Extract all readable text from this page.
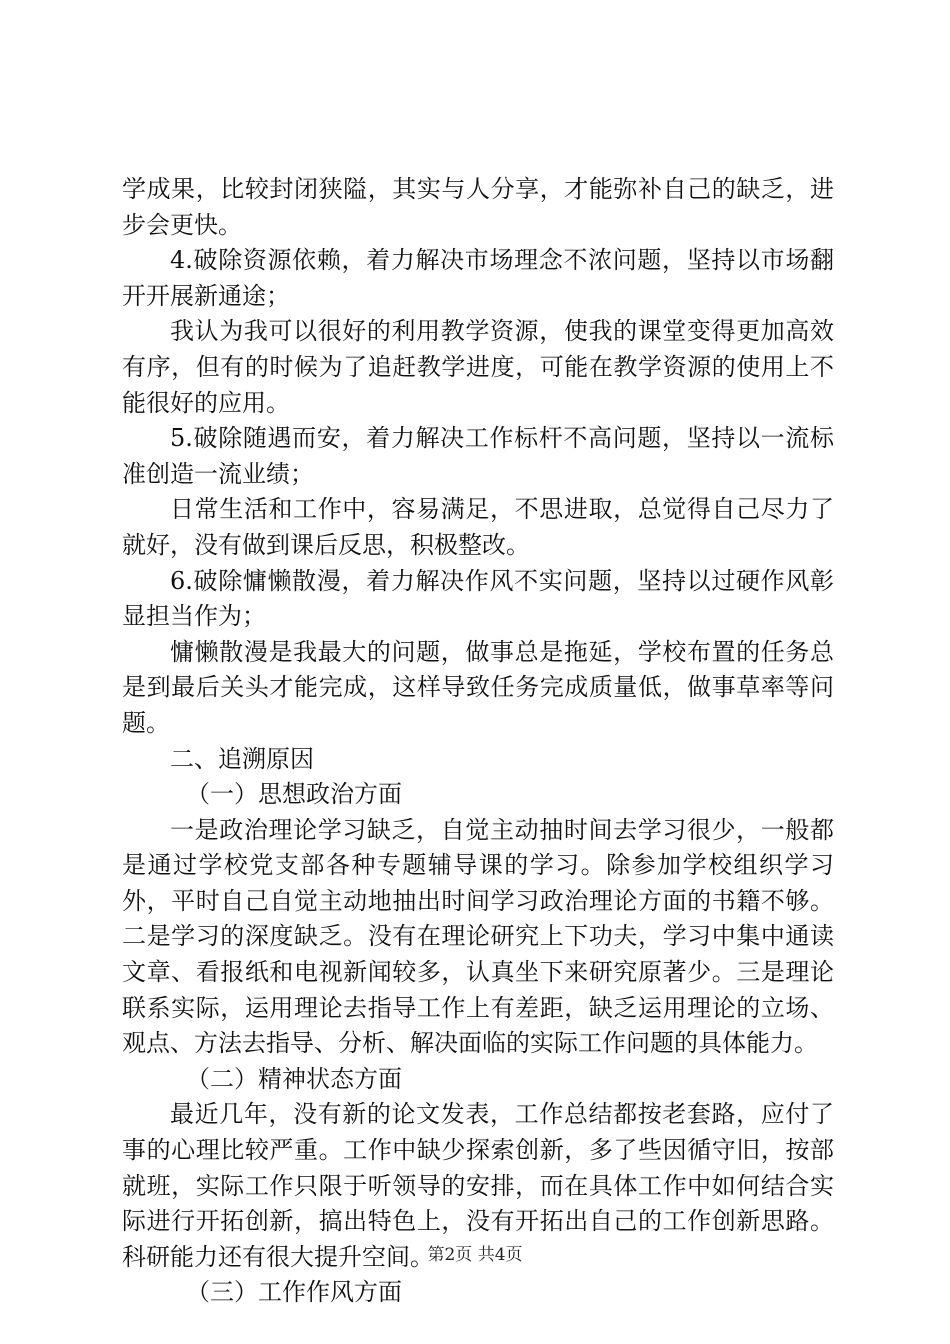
学成果，比较封闭狭隘，其实与人分享，才能弥补自己的缺乏，进步会更快。

4.破除资源依赖，着力解决市场理念不浓问题，坚持以市场翻开开展新通途；

我认为我可以很好的利用教学资源，使我的课堂变得更加高效有序，但有的时候为了追赶教学进度，可能在教学资源的使用上不能很好的应用。

5.破除随遇而安，着力解决工作标杆不高问题，坚持以一流标准创造一流业绩；

日常生活和工作中，容易满足，不思进取，总觉得自己尽力了就好，没有做到课后反思，积极整改。

6.破除慵懒散漫，着力解决作风不实问题，坚持以过硬作风彰显担当作为；

慵懒散漫是我最大的问题，做事总是拖延，学校布置的任务总是到最后关头才能完成，这样导致任务完成质量低，做事草率等问题。

二、追溯原因

（一）思想政治方面

一是政治理论学习缺乏，自觉主动抽时间去学习很少，一般都是通过学校党支部各种专题辅导课的学习。除参加学校组织学习外，平时自己自觉主动地抽出时间学习政治理论方面的书籍不够。二是学习的深度缺乏。没有在理论研究上下功夫，学习中集中通读文章、看报纸和电视新闻较多，认真坐下来研究原著少。三是理论联系实际，运用理论去指导工作上有差距，缺乏运用理论的立场、观点、方法去指导、分析、解决面临的实际工作问题的具体能力。

（二）精神状态方面

最近几年，没有新的论文发表，工作总结都按老套路，应付了事的心理比较严重。工作中缺少探索创新，多了些因循守旧，按部就班，实际工作只限于听领导的安排，而在具体工作中如何结合实际进行开拓创新，搞出特色上，没有开拓出自己的工作创新思路。科研能力还有很大提升空间。

（三）工作作风方面

第2页 共4页
